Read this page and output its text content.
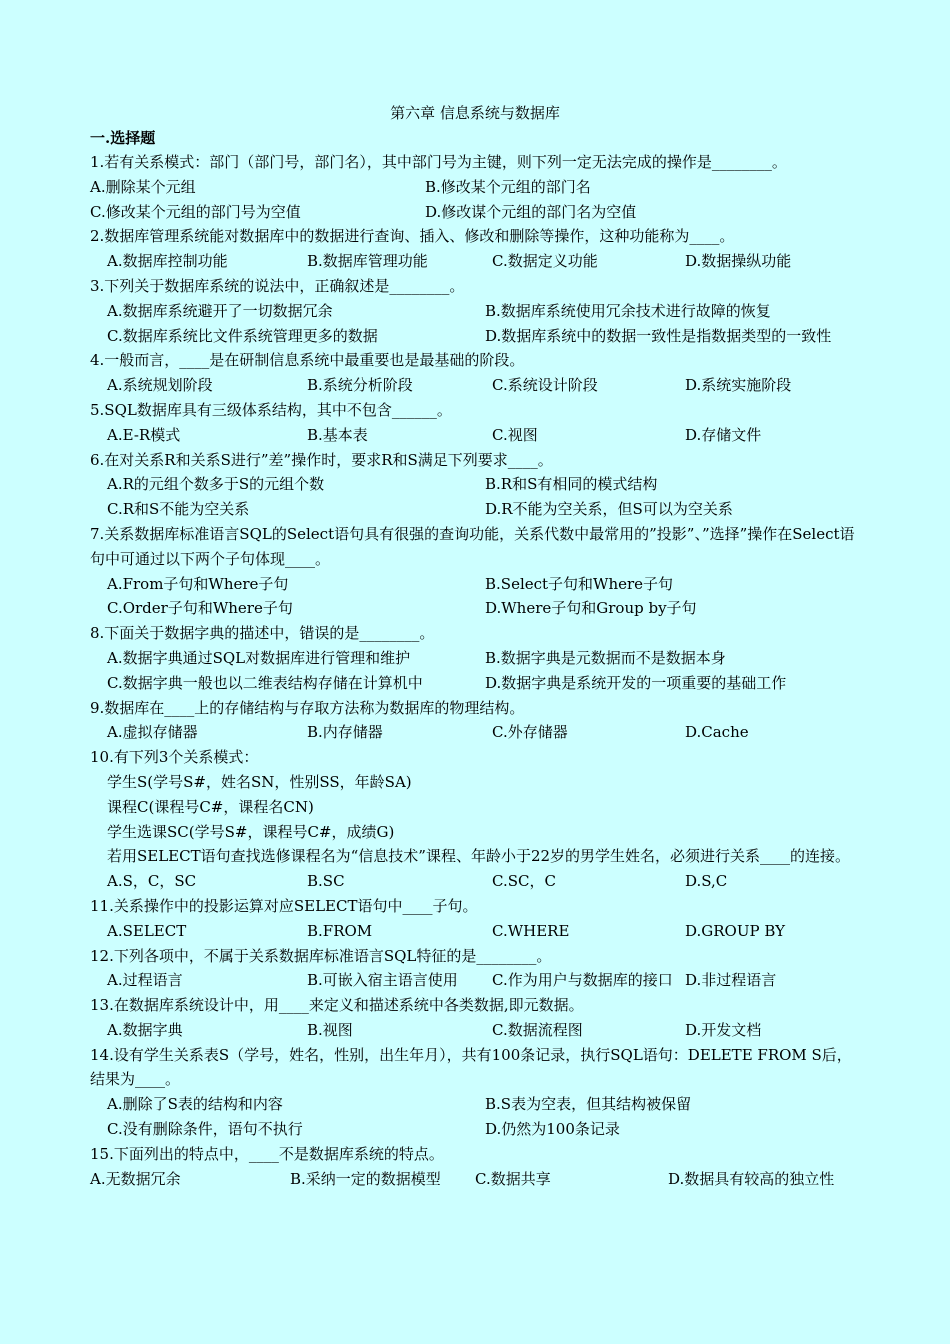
第六章 信息系统与数据库
一.选择题
1.若有关系模式：部门（部门号，部门名），其中部门号为主键，则下列一定无法完成的操作是________。
A.删除某个元组	B.修改某个元组的部门名
C.修改某个元组的部门号为空值	D.修改谋个元组的部门名为空值
2.数据库管理系统能对数据库中的数据进行查询、插入、修改和删除等操作，这种功能称为____。
A.数据库控制功能	B.数据库管理功能	C.数据定义功能	D.数据操纵功能
3.下列关于数据库系统的说法中，正确叙述是________。
A.数据库系统避开了一切数据冗余	B.数据库系统使用冗余技术进行故障的恢复
C.数据库系统比文件系统管理更多的数据	D.数据库系统中的数据一致性是指数据类型的一致性
4.一般而言，____是在研制信息系统中最重要也是最基础的阶段。
A.系统规划阶段	B.系统分析阶段	C.系统设计阶段	D.系统实施阶段
5.SQL数据库具有三级体系结构，其中不包含______。
A.E-R模式	B.基本表	C.视图	D.存储文件
6.在对关系R和关系S进行”差”操作时，要求R和S满足下列要求____。
A.R的元组个数多于S的元组个数	B.R和S有相同的模式结构
C.R和S不能为空关系	D.R不能为空关系，但S可以为空关系
7.关系数据库标准语言SQL的Select语句具有很强的查询功能，关系代数中最常用的”投影”、”选择”操作在Select语句中可通过以下两个子句体现____。
A.From子句和Where子句	B.Select子句和Where子句
C.Order子句和Where子句	D.Where子句和Group by子句
8.下面关于数据字典的描述中，错误的是________。
A.数据字典通过SQL对数据库进行管理和维护	B.数据字典是元数据而不是数据本身
C.数据字典一般也以二维表结构存储在计算机中	D.数据字典是系统开发的一项重要的基础工作
9.数据库在____上的存储结构与存取方法称为数据库的物理结构。
A.虚拟存储器	B.内存储器	C.外存储器	D.Cache
10.有下列3个关系模式：
学生S(学号S#，姓名SN，性别SS，年龄SA)
课程C(课程号C#，课程名CN)
学生选课SC(学号S#，课程号C#，成绩G)
若用SELECT语句查找选修课程名为“信息技术”课程、年龄小于22岁的男学生姓名，必须进行关系____的连接。
A.S，C，SC	B.SC	C.SC，C	D.S,C
11.关系操作中的投影运算对应SELECT语句中____子句。
A.SELECT	B.FROM	C.WHERE	D.GROUP BY
12.下列各项中，不属于关系数据库标准语言SQL特征的是________。
A.过程语言	B.可嵌入宿主语言使用 C.作为用户与数据库的接口 D.非过程语言
13.在数据库系统设计中，用____来定义和描述系统中各类数据,即元数据。
A.数据字典	B.视图	C.数据流程图	D.开发文档
14.设有学生关系表S（学号，姓名，性别，出生年月），共有100条记录，执行SQL语句：DELETE FROM S后，结果为____。
A.删除了S表的结构和内容	B.S表为空表，但其结构被保留
C.没有删除条件，语句不执行	D.仍然为100条记录
15.下面列出的特点中，____不是数据库系统的特点。
A.无数据冗余	B.采纳一定的数据模型 C.数据共享	D.数据具有较高的独立性
